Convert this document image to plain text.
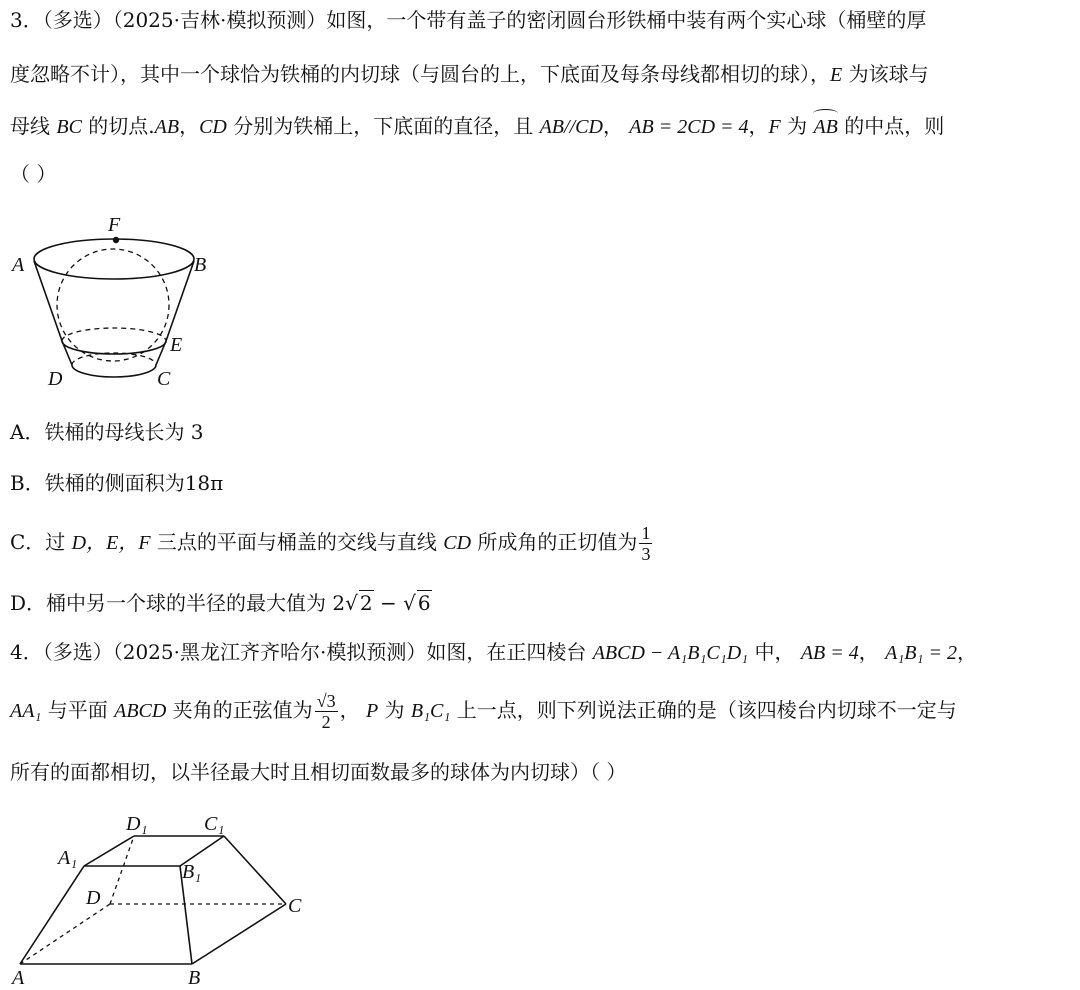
3．（多选）（2025·吉林·模拟预测）如图，一个带有盖子的密闭圆台形铁桶中装有两个实心球（桶壁的厚
度忽略不计），其中一个球恰为铁桶的内切球（与圆台的上，下底面及每条母线都相切的球），E 为该球与
母线 BC 的切点.AB，CD 分别为铁桶上，下底面的直径，且 AB//CD， AB = 2CD = 4，F 为
AB 的中点，则
（ ）
F
A	B
E
D	C
A．铁桶的母线长为 3
B．铁桶的侧面积为18π
C．过 D，E，F 三点的平面与桶盖的交线与直线 CD 所成角的正切值为 $\frac{1}{3}$
D．桶中另一个球的半径的最大值为 2√ 2 − √ 6
4．（多选）（2025·黑龙江齐齐哈尔·模拟预测）如图，在正四棱台 ABCD − A₁B₁C₁D₁ 中， AB = 4， A₁B₁ = 2，
AA₁ 与平面 ABCD 夹角的正弦值为 $\frac{√3}{2}$ ， P 为 B₁C₁ 上一点，则下列说法正确的是（该四棱台内切球不一定与
所有的面都相切，以半径最大时且相切面数最多的球体为内切球）（ ）
D₁	C₁
A₁
B₁
D	C
A	B
